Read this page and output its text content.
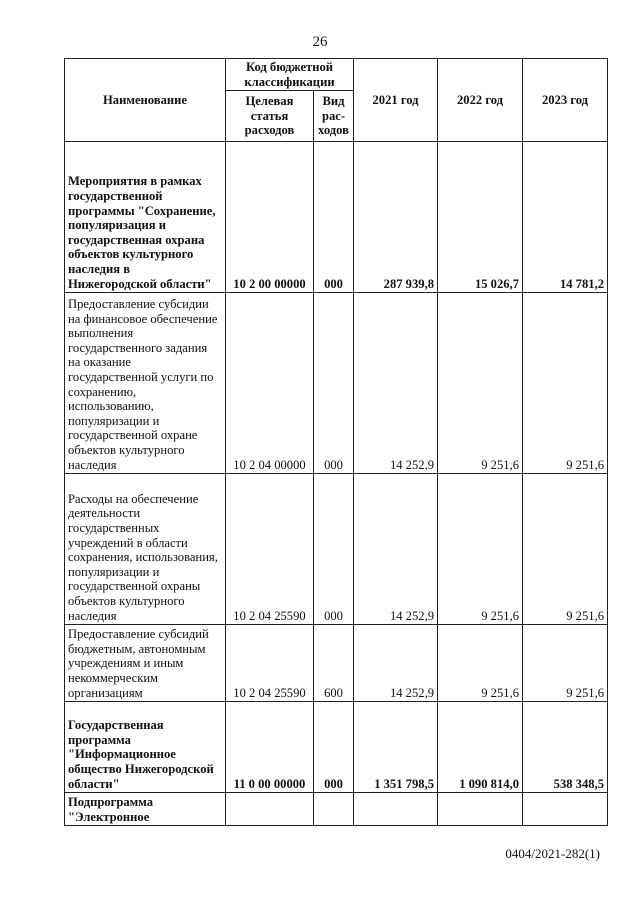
26
Наименование	Код бюджетной классификации		2021 год	2022 год	2023 год
	Целевая статья расходов	Вид рас-ходов			
Мероприятия в рамках государственной программы "Сохранение, популяризация и государственная охрана объектов культурного наследия в Нижегородской области"	10 2 00 00000	000	287 939,8	15 026,7	14 781,2
Предоставление субсидии на финансовое обеспечение выполнения государственного задания на оказание государственной услуги по сохранению, использованию, популяризации и государственной охране объектов культурного наследия	10 2 04 00000	000	14 252,9	9 251,6	9 251,6
Расходы на обеспечение деятельности государственных учреждений в области сохранения, использования, популяризации и государственной охраны объектов культурного наследия	10 2 04 25590	000	14 252,9	9 251,6	9 251,6
Предоставление субсидий бюджетным, автономным учреждениям и иным некоммерческим организациям	10 2 04 25590	600	14 252,9	9 251,6	9 251,6
Государственная программа "Информационное общество Нижегородской области"	11 0 00 00000	000	1 351 798,5	1 090 814,0	538 348,5
Подпрограмма "Электронное					
0404/2021-282(1)
